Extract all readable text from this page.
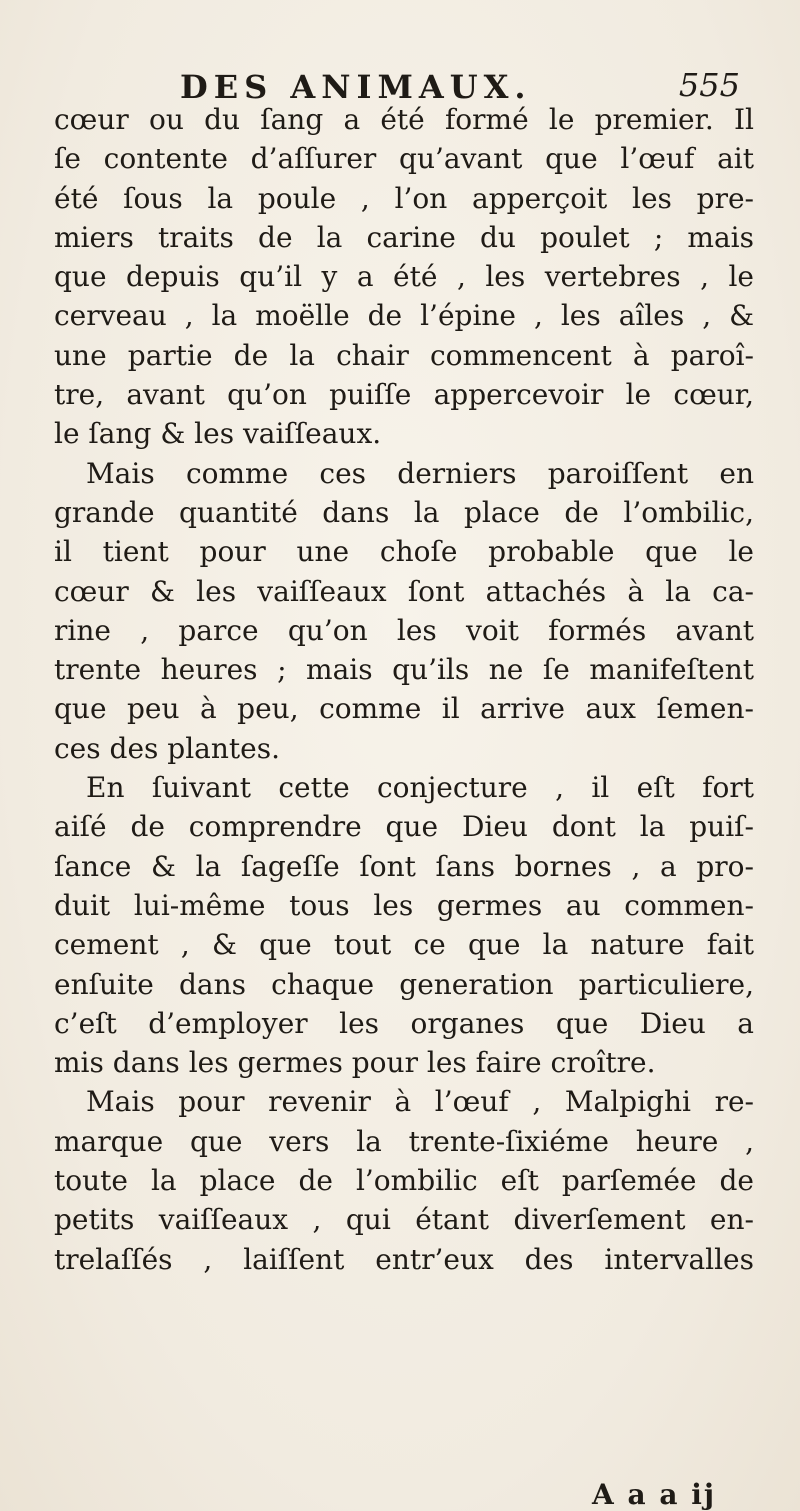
DES ANIMAUX.	555
cœur ou du ſang a été formé le premier. Il
ſe contente d’aſſurer qu’avant que l’œuf ait
été ſous la poule , l’on apperçoit les pre-
miers traits de la carine du poulet ; mais
que depuis qu’il y a été , les vertebres , le
cerveau , la moëlle de l’épine , les aîles , &
une partie de la chair commencent à paroî-
tre, avant qu’on puiſſe appercevoir le cœur,
le ſang & les vaiſſeaux.
Mais comme ces derniers paroiſſent en
grande quantité dans la place de l’ombilic,
il tient pour une choſe probable que le
cœur & les vaiſſeaux ſont attachés à la ca-
rine , parce qu’on les voit formés avant
trente heures ; mais qu’ils ne ſe manifeſtent
que peu à peu, comme il arrive aux ſemen-
ces des plantes.
En ſuivant cette conjecture , il eſt fort
aiſé de comprendre que Dieu dont la puiſ-
ſance & la ſageſſe ſont ſans bornes , a pro-
duit lui-même tous les germes au commen-
cement , & que tout ce que la nature fait
enſuite dans chaque generation particuliere,
c’eſt d’employer les organes que Dieu a
mis dans les germes pour les faire croître.
Mais pour revenir à l’œuf , Malpighi re-
marque que vers la trente-ſixiéme heure ,
toute la place de l’ombilic eſt parſemée de
petits vaiſſeaux , qui étant diverſement en-
trelaſſés , laiſſent entr’eux des intervalles
A a a ij
